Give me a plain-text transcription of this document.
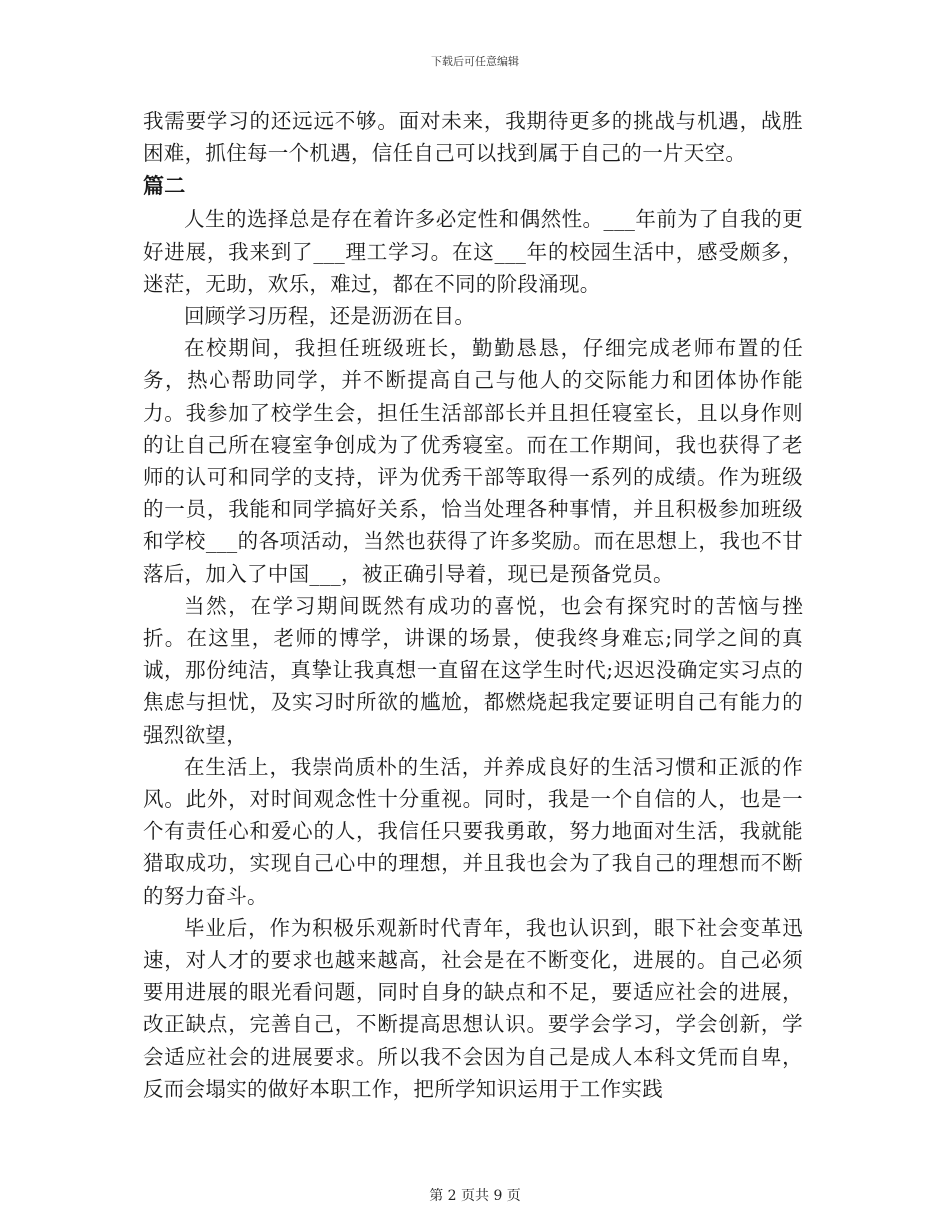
下载后可任意编辑

我需要学习的还远远不够。面对未来，我期待更多的挑战与机遇，战胜困难，抓住每一个机遇，信任自己可以找到属于自己的一片天空。

篇二

人生的选择总是存在着许多必定性和偶然性。___年前为了自我的更好进展，我来到了___理工学习。在这___年的校园生活中，感受颇多，迷茫，无助，欢乐，难过，都在不同的阶段涌现。

回顾学习历程，还是沥沥在目。

在校期间，我担任班级班长，勤勤恳恳，仔细完成老师布置的任务，热心帮助同学，并不断提高自己与他人的交际能力和团体协作能力。我参加了校学生会，担任生活部部长并且担任寝室长，且以身作则的让自己所在寝室争创成为了优秀寝室。而在工作期间，我也获得了老师的认可和同学的支持，评为优秀干部等取得一系列的成绩。作为班级的一员，我能和同学搞好关系，恰当处理各种事情，并且积极参加班级和学校___的各项活动，当然也获得了许多奖励。而在思想上，我也不甘落后，加入了中国___，被正确引导着，现已是预备党员。

当然，在学习期间既然有成功的喜悦，也会有探究时的苦恼与挫折。在这里，老师的博学，讲课的场景，使我终身难忘;同学之间的真诚，那份纯洁，真挚让我真想一直留在这学生时代;迟迟没确定实习点的焦虑与担忧，及实习时所欲的尴尬，都燃烧起我定要证明自己有能力的强烈欲望，

在生活上，我崇尚质朴的生活，并养成良好的生活习惯和正派的作风。此外，对时间观念性十分重视。同时，我是一个自信的人，也是一个有责任心和爱心的人，我信任只要我勇敢，努力地面对生活，我就能猎取成功，实现自己心中的理想，并且我也会为了我自己的理想而不断的努力奋斗。

毕业后，作为积极乐观新时代青年，我也认识到，眼下社会变革迅速，对人才的要求也越来越高，社会是在不断变化，进展的。自己必须要用进展的眼光看问题，同时自身的缺点和不足，要适应社会的进展，改正缺点，完善自己，不断提高思想认识。要学会学习，学会创新，学会适应社会的进展要求。所以我不会因为自己是成人本科文凭而自卑，反而会塌实的做好本职工作，把所学知识运用于工作实践

第 2 页共 9 页
